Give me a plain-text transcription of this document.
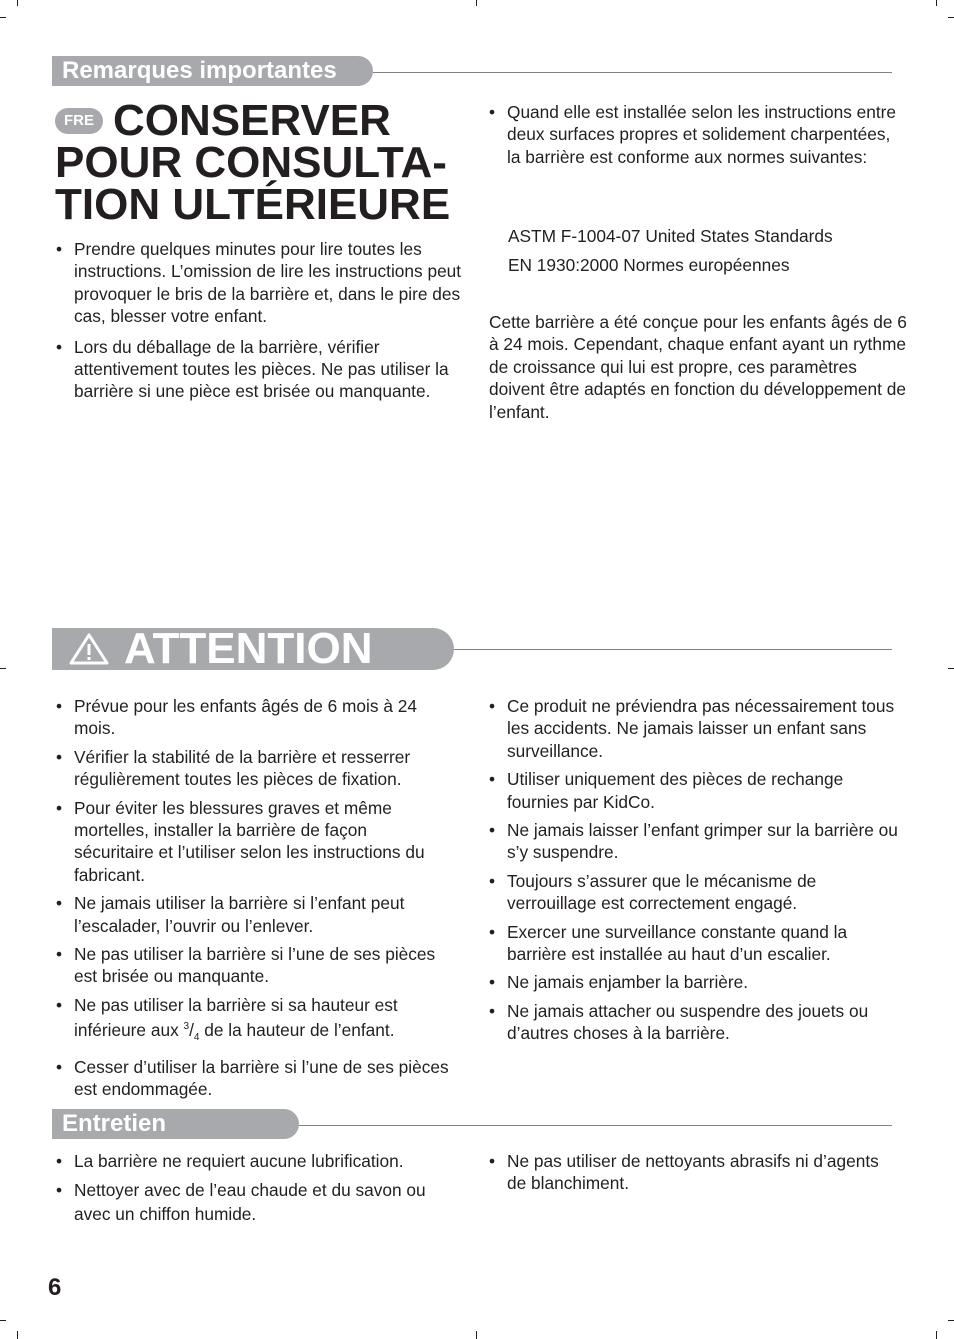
Remarques importantes
FRE CONSERVER
POUR CONSULTA-
TION ULTÉRIEURE
• Prendre quelques minutes pour lire toutes les instructions. L’omission de lire les instructions peut provoquer le bris de la barrière et, dans le pire des cas, blesser votre enfant.
• Lors du déballage de la barrière, vérifier attentivement toutes les pièces. Ne pas utiliser la barrière si une pièce est brisée ou manquante.
• Quand elle est installée selon les instructions entre deux surfaces propres et solidement charpentées, la barrière est conforme aux normes suivantes:
ASTM F-1004-07 United States Standards
EN 1930:2000 Normes européennes

Cette barrière a été conçue pour les enfants âgés de 6 à 24 mois. Cependant, chaque enfant ayant un rythme de croissance qui lui est propre, ces paramètres doivent être adaptés en fonction du développement de l’enfant.

ATTENTION
• Prévue pour les enfants âgés de 6 mois à 24 mois.
• Vérifier la stabilité de la barrière et resserrer régulièrement toutes les pièces de fixation.
• Pour éviter les blessures graves et même mortelles, installer la barrière de façon sécuritaire et l’utiliser selon les instructions du fabricant.
• Ne jamais utiliser la barrière si l’enfant peut l’escalader, l’ouvrir ou l’enlever.
• Ne pas utiliser la barrière si l’une de ses pièces est brisée ou manquante.
• Ne pas utiliser la barrière si sa hauteur est inférieure aux $^3/_4$ de la hauteur de l’enfant.
• Cesser d’utiliser la barrière si l’une de ses pièces est endommagée.
• Ce produit ne préviendra pas nécessairement tous les accidents. Ne jamais laisser un enfant sans surveillance.
• Utiliser uniquement des pièces de rechange fournies par KidCo.
• Ne jamais laisser l’enfant grimper sur la barrière ou s’y suspendre.
• Toujours s’assurer que le mécanisme de verrouillage est correctement engagé.
• Exercer une surveillance constante quand la barrière est installée au haut d’un escalier.
• Ne jamais enjamber la barrière.
• Ne jamais attacher ou suspendre des jouets ou d’autres choses à la barrière.
Entretien
• La barrière ne requiert aucune lubrification.
• Nettoyer avec de l’eau chaude et du savon ou avec un chiffon humide.
• Ne pas utiliser de nettoyants abrasifs ni d’agents de blanchiment.
6
